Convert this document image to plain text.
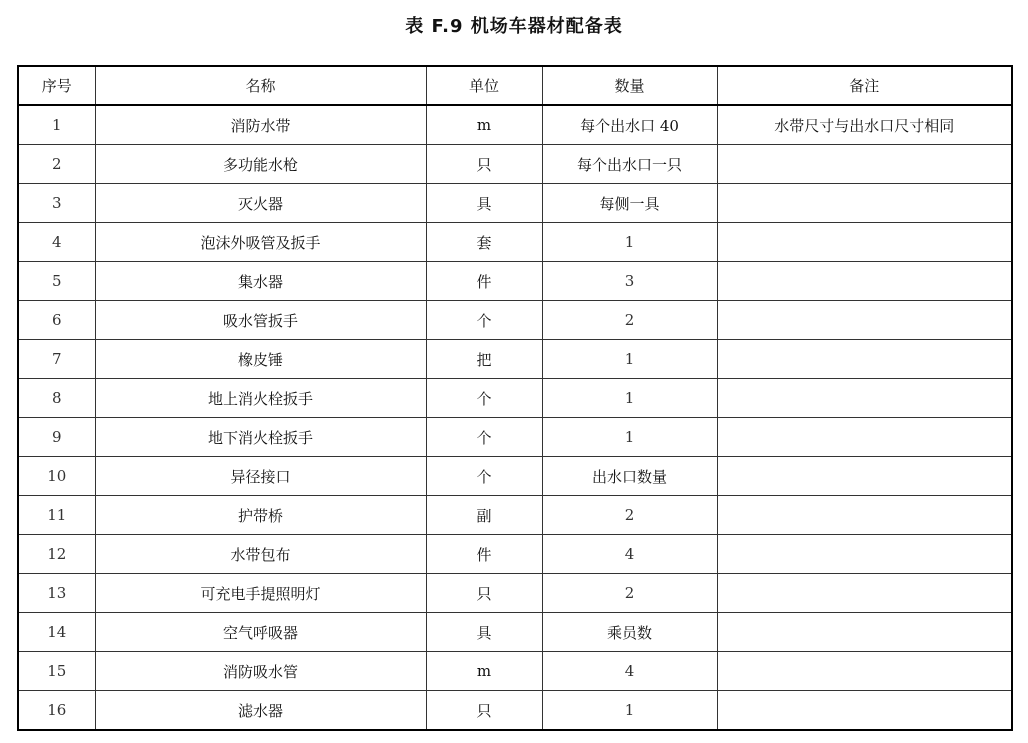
表 F.9 机场车器材配备表
序号	名称	单位	数量	备注
1	消防水带	m	每个出水口 40	水带尺寸与出水口尺寸相同
2	多功能水枪	只	每个出水口一只	
3	灭火器	具	每侧一具	
4	泡沫外吸管及扳手	套	1	
5	集水器	件	3	
6	吸水管扳手	个	2	
7	橡皮锤	把	1	
8	地上消火栓扳手	个	1	
9	地下消火栓扳手	个	1	
10	异径接口	个	出水口数量	
11	护带桥	副	2	
12	水带包布	件	4	
13	可充电手提照明灯	只	2	
14	空气呼吸器	具	乘员数	
15	消防吸水管	m	4	
16	滤水器	只	1	
